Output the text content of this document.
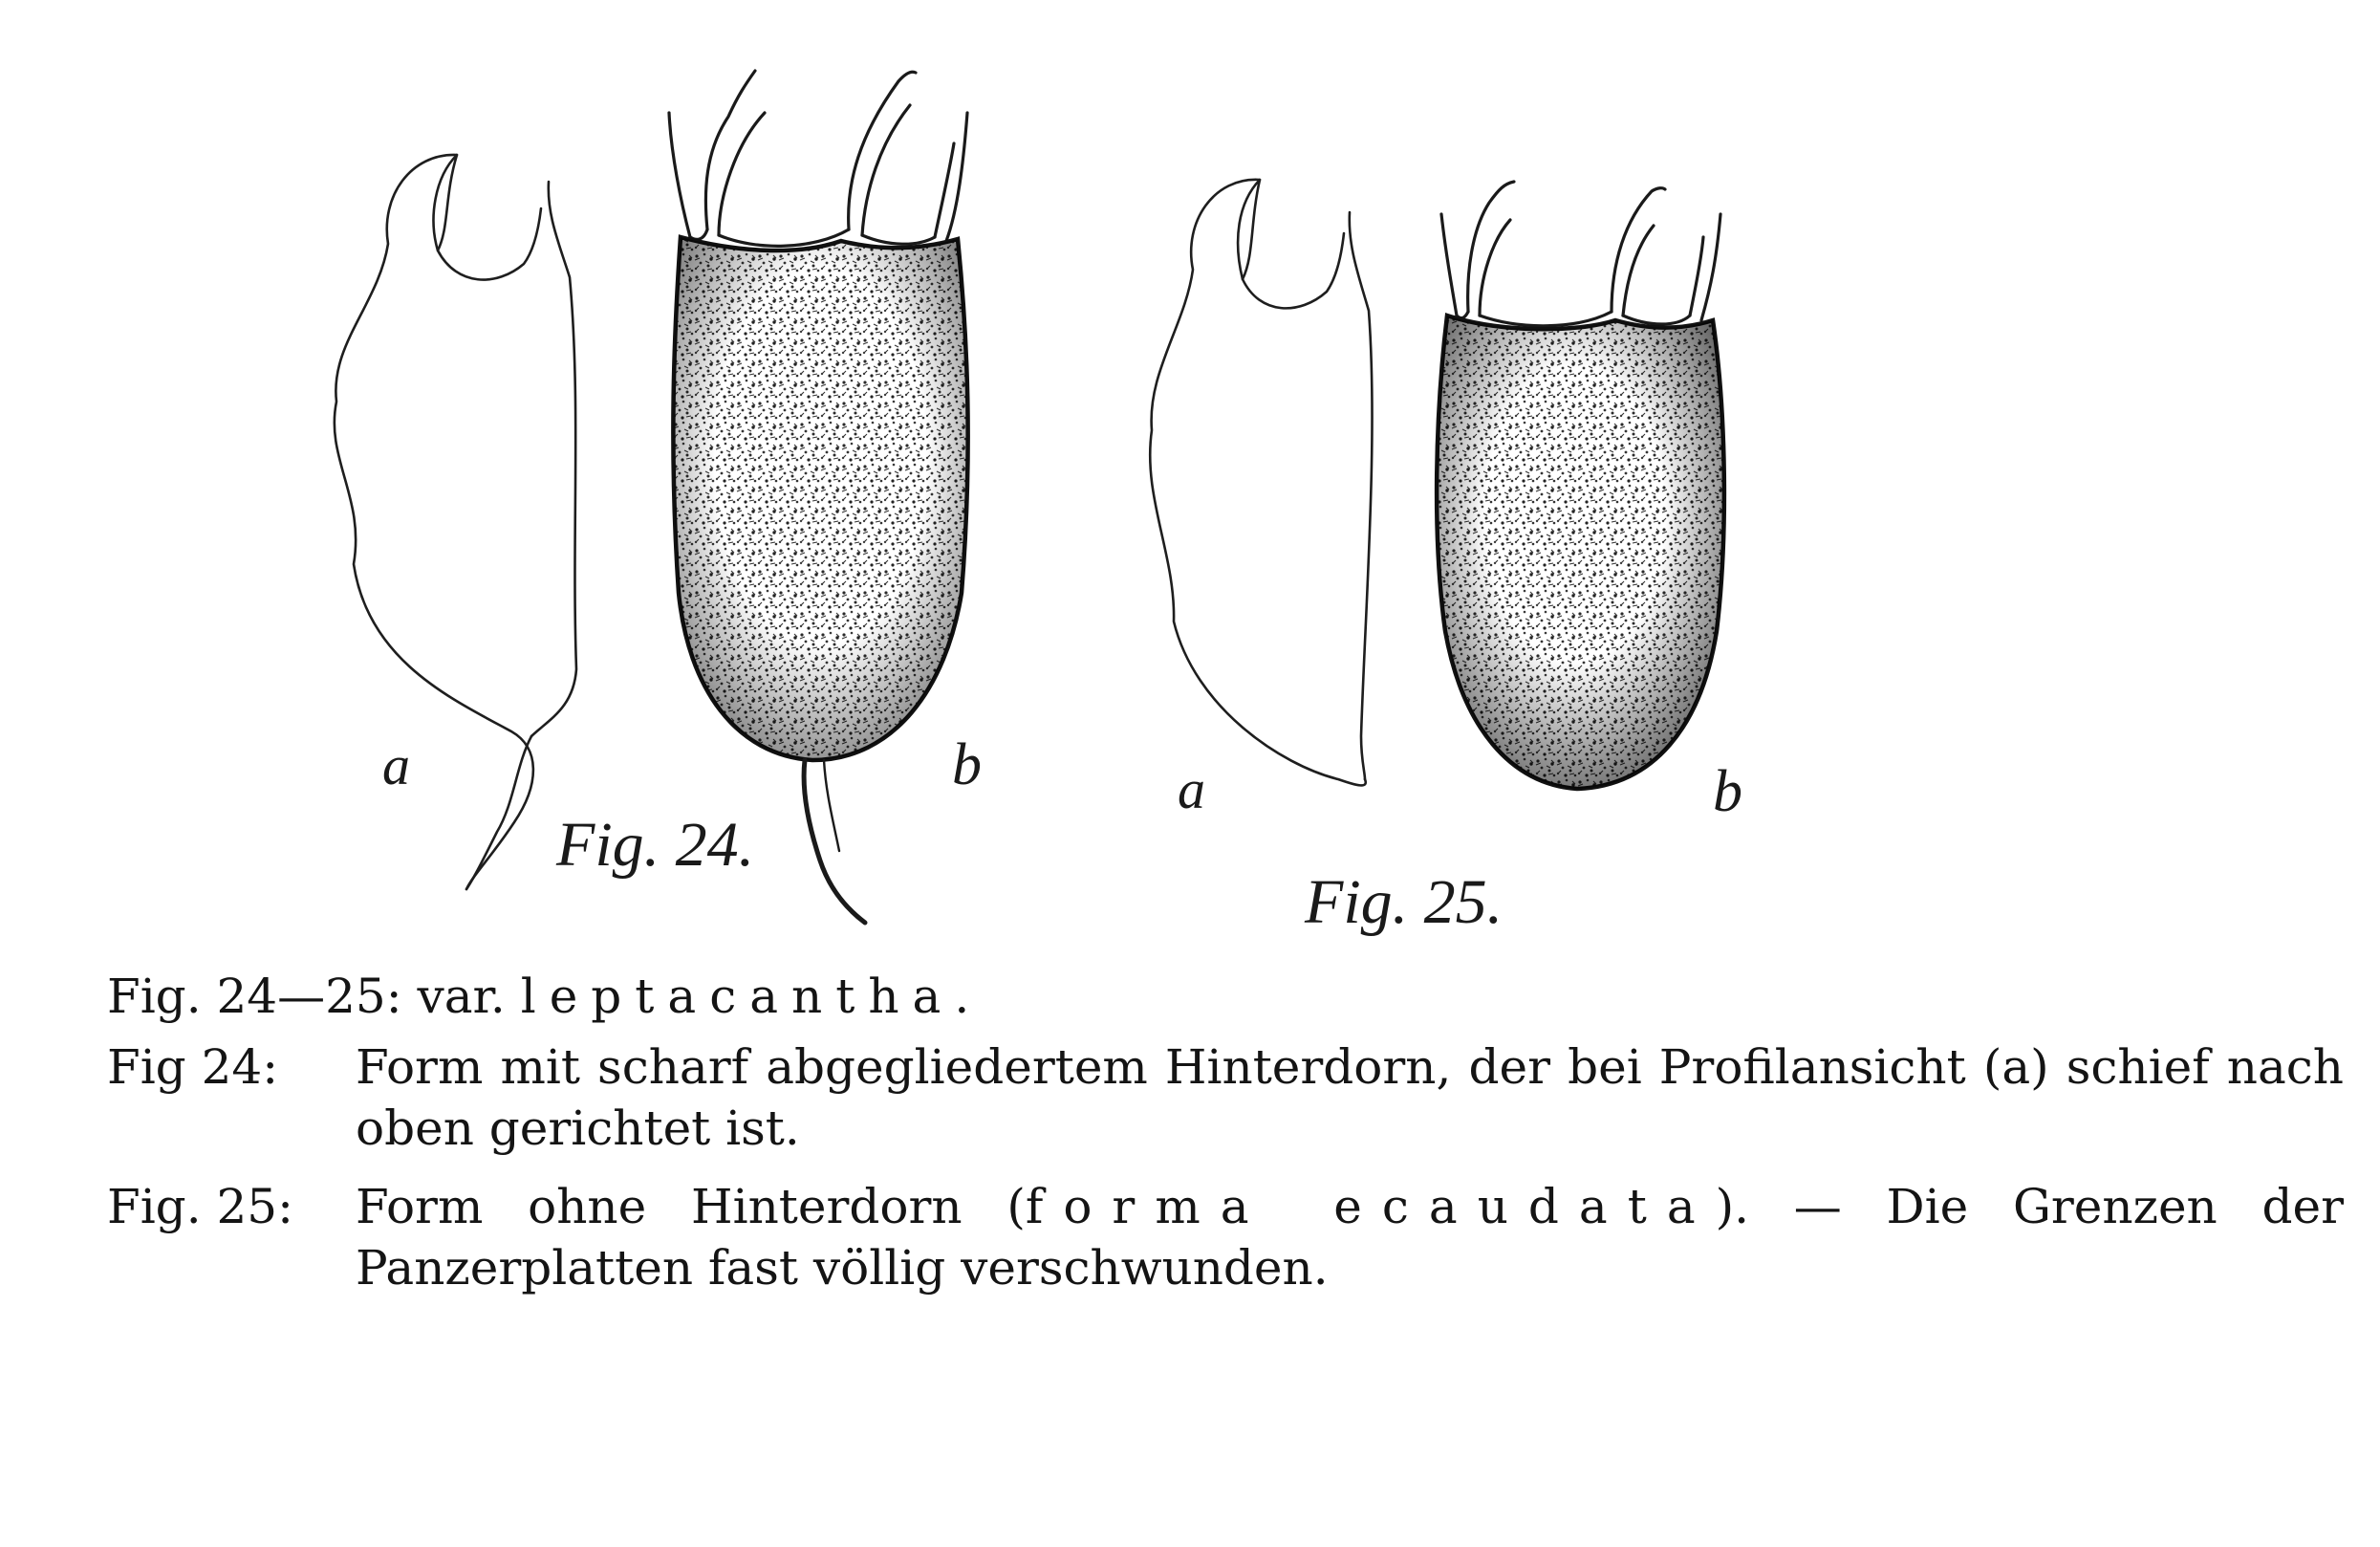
a	b
Fig. 24.
a	b
Fig. 25.
Fig. 24—25: var. leptacantha.
Fig 24:	Form mit scharf abgegliedertem Hinterdorn, der bei Profilansicht (a) schief nach oben gerichtet ist.
Fig. 25:	Form ohne Hinterdorn (forma ecaudata). — Die Grenzen der Panzerplatten fast völlig verschwunden.
